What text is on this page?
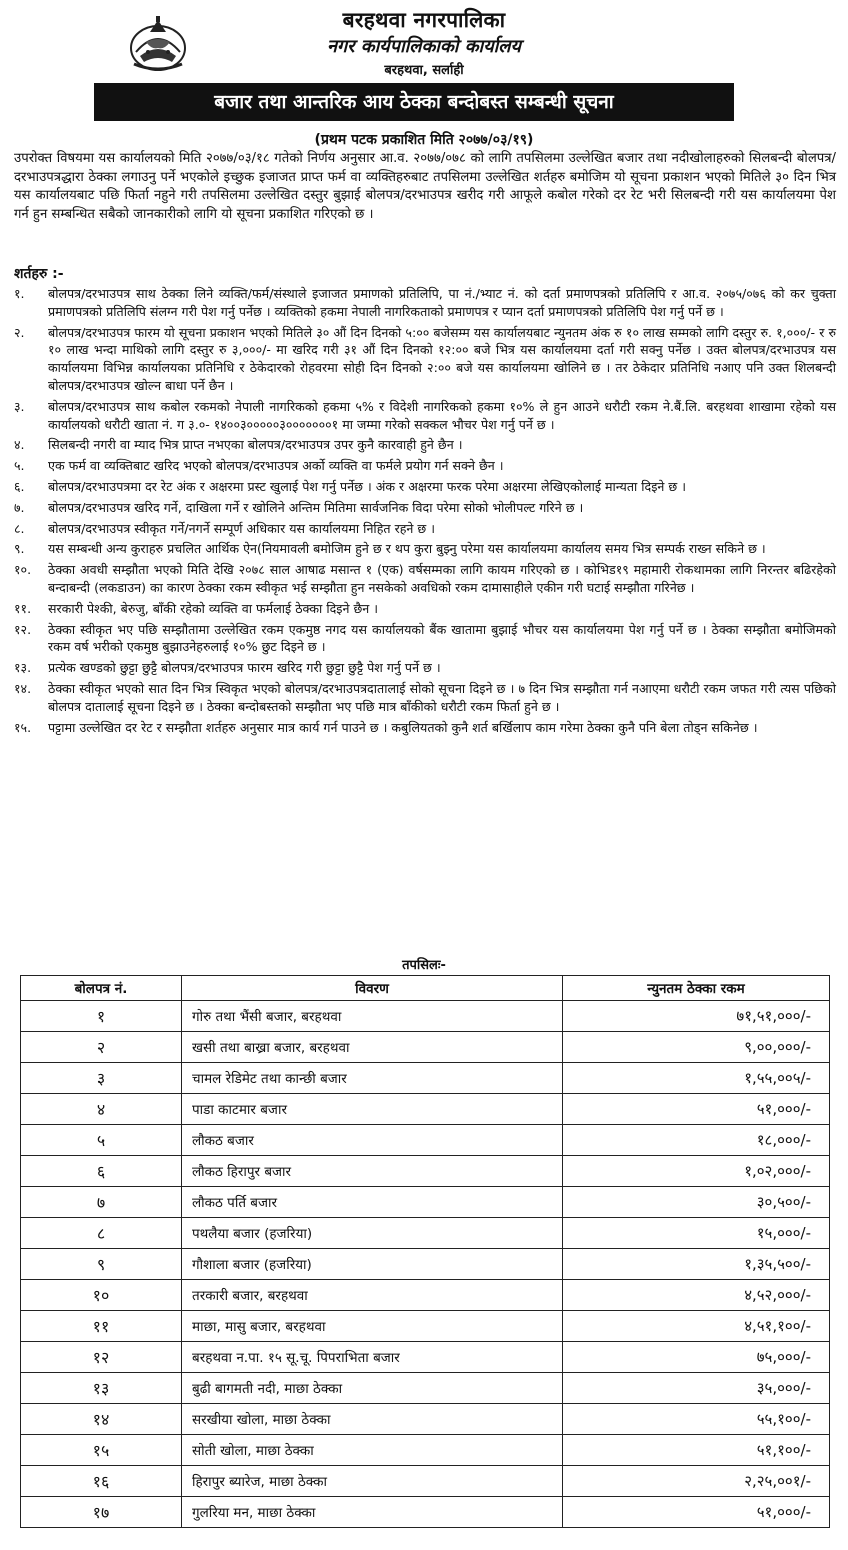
बरहथवा नगरपालिका
नगर कार्यपालिकाको कार्यालय
बरहथवा, सर्लाही
बजार तथा आन्तरिक आय ठेक्का बन्दोबस्त सम्बन्धी सूचना
(प्रथम पटक प्रकाशित मिति २०७७/०३/१९)
उपरोक्त विषयमा यस कार्यालयको मिति २०७७/०३/१८ गतेको निर्णय अनुसार आ.व. २०७७/०७८ को लागि तपसिलमा उल्लेखित बजार तथा नदीखोलाहरुको सिलबन्दी बोलपत्र/दरभाउपत्रद्धारा ठेक्का लगाउनु पर्ने भएकोले इच्छुक इजाजत प्राप्त फर्म वा व्यक्तिहरुबाट तपसिलमा उल्लेखित शर्तहरु बमोजिम यो सूचना प्रकाशन भएको मितिले ३० दिन भित्र यस कार्यालयबाट पछि फिर्ता नहुने गरी तपसिलमा उल्लेखित दस्तुर बुझाई बोलपत्र/दरभाउपत्र खरीद गरी आफूले कबोल गरेको दर रेट भरी सिलबन्दी गरी यस कार्यालयमा पेश गर्न हुन सम्बन्धित सबैको जानकारीको लागि यो सूचना प्रकाशित गरिएको छ ।
शर्तहरु :-
१.	बोलपत्र/दरभाउपत्र साथ ठेक्का लिने व्यक्ति/फर्म/संस्थाले इजाजत प्रमाणको प्रतिलिपि, पा नं./भ्याट नं. को दर्ता प्रमाणपत्रको प्रतिलिपि र आ.व. २०७५/०७६ को कर चुक्ता प्रमाणपत्रको प्रतिलिपि संलग्न गरी पेश गर्नु पर्नेछ । व्यक्तिको हकमा नेपाली नागरिकताको प्रमाणपत्र र प्यान दर्ता प्रमाणपत्रको प्रतिलिपि पेश गर्नु पर्ने छ ।
२.	बोलपत्र/दरभाउपत्र फारम यो सूचना प्रकाशन भएको मितिले ३० औं दिन दिनको ५:०० बजेसम्म यस कार्यालयबाट न्युनतम अंक रु १० लाख सम्मको लागि दस्तुर रु. १,०००/- र रु १० लाख भन्दा माथिको लागि दस्तुर रु ३,०००/- मा खरिद गरी ३१ औं दिन दिनको १२:०० बजे भित्र यस कार्यालयमा दर्ता गरी सक्नु पर्नेछ । उक्त बोलपत्र/दरभाउपत्र यस कार्यालयमा विभिन्न कार्यालयका प्रतिनिधि र ठेकेदारको रोहवरमा सोही दिन दिनको २:०० बजे यस कार्यालयमा खोलिने छ । तर ठेकेदार प्रतिनिधि नआए पनि उक्त शिलबन्दी बोलपत्र/दरभाउपत्र खोल्न बाधा पर्ने छैन ।
३.	बोलपत्र/दरभाउपत्र साथ कबोल रकमको नेपाली नागरिकको हकमा ५% र विदेशी नागरिकको हकमा १०% ले हुन आउने धरौटी रकम ने.बैं.लि. बरहथवा शाखामा रहेको यस कार्यालयको धरौटी खाता नं. ग ३.०- १४००३०००००३०००००००१ मा जम्मा गरेको सक्कल भौचर पेश गर्नु पर्ने छ ।
४.	सिलबन्दी नगरी वा म्याद भित्र प्राप्त नभएका बोलपत्र/दरभाउपत्र उपर कुनै कारवाही हुने छैन ।
५.	एक फर्म वा व्यक्तिबाट खरिद भएको बोलपत्र/दरभाउपत्र अर्को व्यक्ति वा फर्मले प्रयोग गर्न सक्ने छैन ।
६.	बोलपत्र/दरभाउपत्रमा दर रेट अंक र अक्षरमा प्रस्ट खुलाई पेश गर्नु पर्नेछ । अंक र अक्षरमा फरक परेमा अक्षरमा लेखिएकोलाई मान्यता दिइने छ ।
७.	बोलपत्र/दरभाउपत्र खरिद गर्ने, दाखिला गर्ने र खोलिने अन्तिम मितिमा सार्वजनिक विदा परेमा सोको भोलीपल्ट गरिने छ ।
८.	बोलपत्र/दरभाउपत्र स्वीकृत गर्ने/नगर्ने सम्पूर्ण अधिकार यस कार्यालयमा निहित रहने छ ।
९.	यस सम्बन्धी अन्य कुराहरु प्रचलित आर्थिक ऐन(नियमावली बमोजिम हुने छ र थप कुरा बुझ्नु परेमा यस कार्यालयमा कार्यालय समय भित्र सम्पर्क राख्न सकिने छ ।
१०.	ठेक्का अवधी सम्झौता भएको मिति देखि २०७८ साल आषाढ मसान्त १ (एक) वर्षसम्मका लागि कायम गरिएको छ । कोभिड१९ महामारी रोकथामका लागि निरन्तर बढिरहेको बन्दाबन्दी (लकडाउन) का कारण ठेक्का रकम स्वीकृत भई सम्झौता हुन नसकेको अवधिको रकम दामासाहीले एकीन गरी घटाई सम्झौता गरिनेछ ।
११.	सरकारी पेश्की, बेरुजु, बाँकी रहेको व्यक्ति वा फर्मलाई ठेक्का दिइने छैन ।
१२.	ठेक्का स्वीकृत भए पछि सम्झौतामा उल्लेखित रकम एकमुष्ठ नगद यस कार्यालयको बैंक खातामा बुझाई भौचर यस कार्यालयमा पेश गर्नु पर्ने छ । ठेक्का सम्झौता बमोजिमको रकम वर्ष भरीको एकमुष्ठ बुझाउनेहरुलाई १०% छुट दिइने छ ।
१३.	प्रत्येक खण्डको छुट्टा छुट्टै बोलपत्र/दरभाउपत्र फारम खरिद गरी छुट्टा छुट्टै पेश गर्नु पर्ने छ ।
१४.	ठेक्का स्वीकृत भएको सात दिन भित्र स्विकृत भएको बोलपत्र/दरभाउपत्रदातालाई सोको सूचना दिइने छ । ७ दिन भित्र सम्झौता गर्न नआएमा धरौटी रकम जफत गरी त्यस पछिको बोलपत्र दातालाई सूचना दिइने छ । ठेक्का बन्दोबस्तको सम्झौता भए पछि मात्र बाँकीको धरौटी रकम फिर्ता हुने छ ।
१५.	पट्टामा उल्लेखित दर रेट र सम्झौता शर्तहरु अनुसार मात्र कार्य गर्न पाउने छ । कबुलियतको कुनै शर्त बर्खिलाप काम गरेमा ठेक्का कुनै पनि बेला तोड्न सकिनेछ ।
तपसिलः-
बोलपत्र नं.	विवरण	न्युनतम ठेक्का रकम
१	गोरु तथा भैंसी बजार, बरहथवा	७१,५१,०००/-
२	खसी तथा बाख्रा बजार, बरहथवा	९,००,०००/-
३	चामल रेडिमेट तथा कान्छी बजार	१,५५,००५/-
४	पाडा काटमार बजार	५१,०००/-
५	लौकठ बजार	१८,०००/-
६	लौकठ हिरापुर बजार	१,०२,०००/-
७	लौकठ पर्ति बजार	३०,५००/-
८	पथलैया बजार (हजरिया)	१५,०००/-
९	गौशाला बजार (हजरिया)	१,३५,५००/-
१०	तरकारी बजार, बरहथवा	४,५२,०००/-
११	माछा, मासु बजार, बरहथवा	४,५१,१००/-
१२	बरहथवा न.पा. १५ सू.चू. पिपराभिता बजार	७५,०००/-
१३	बुढी बागमती नदी, माछा ठेक्का	३५,०००/-
१४	सरखीया खोला, माछा ठेक्का	५५,१००/-
१५	सोती खोला, माछा ठेक्का	५१,१००/-
१६	हिरापुर ब्यारेज, माछा ठेक्का	२,२५,००१/-
१७	गुलरिया मन, माछा ठेक्का	५१,०००/-
